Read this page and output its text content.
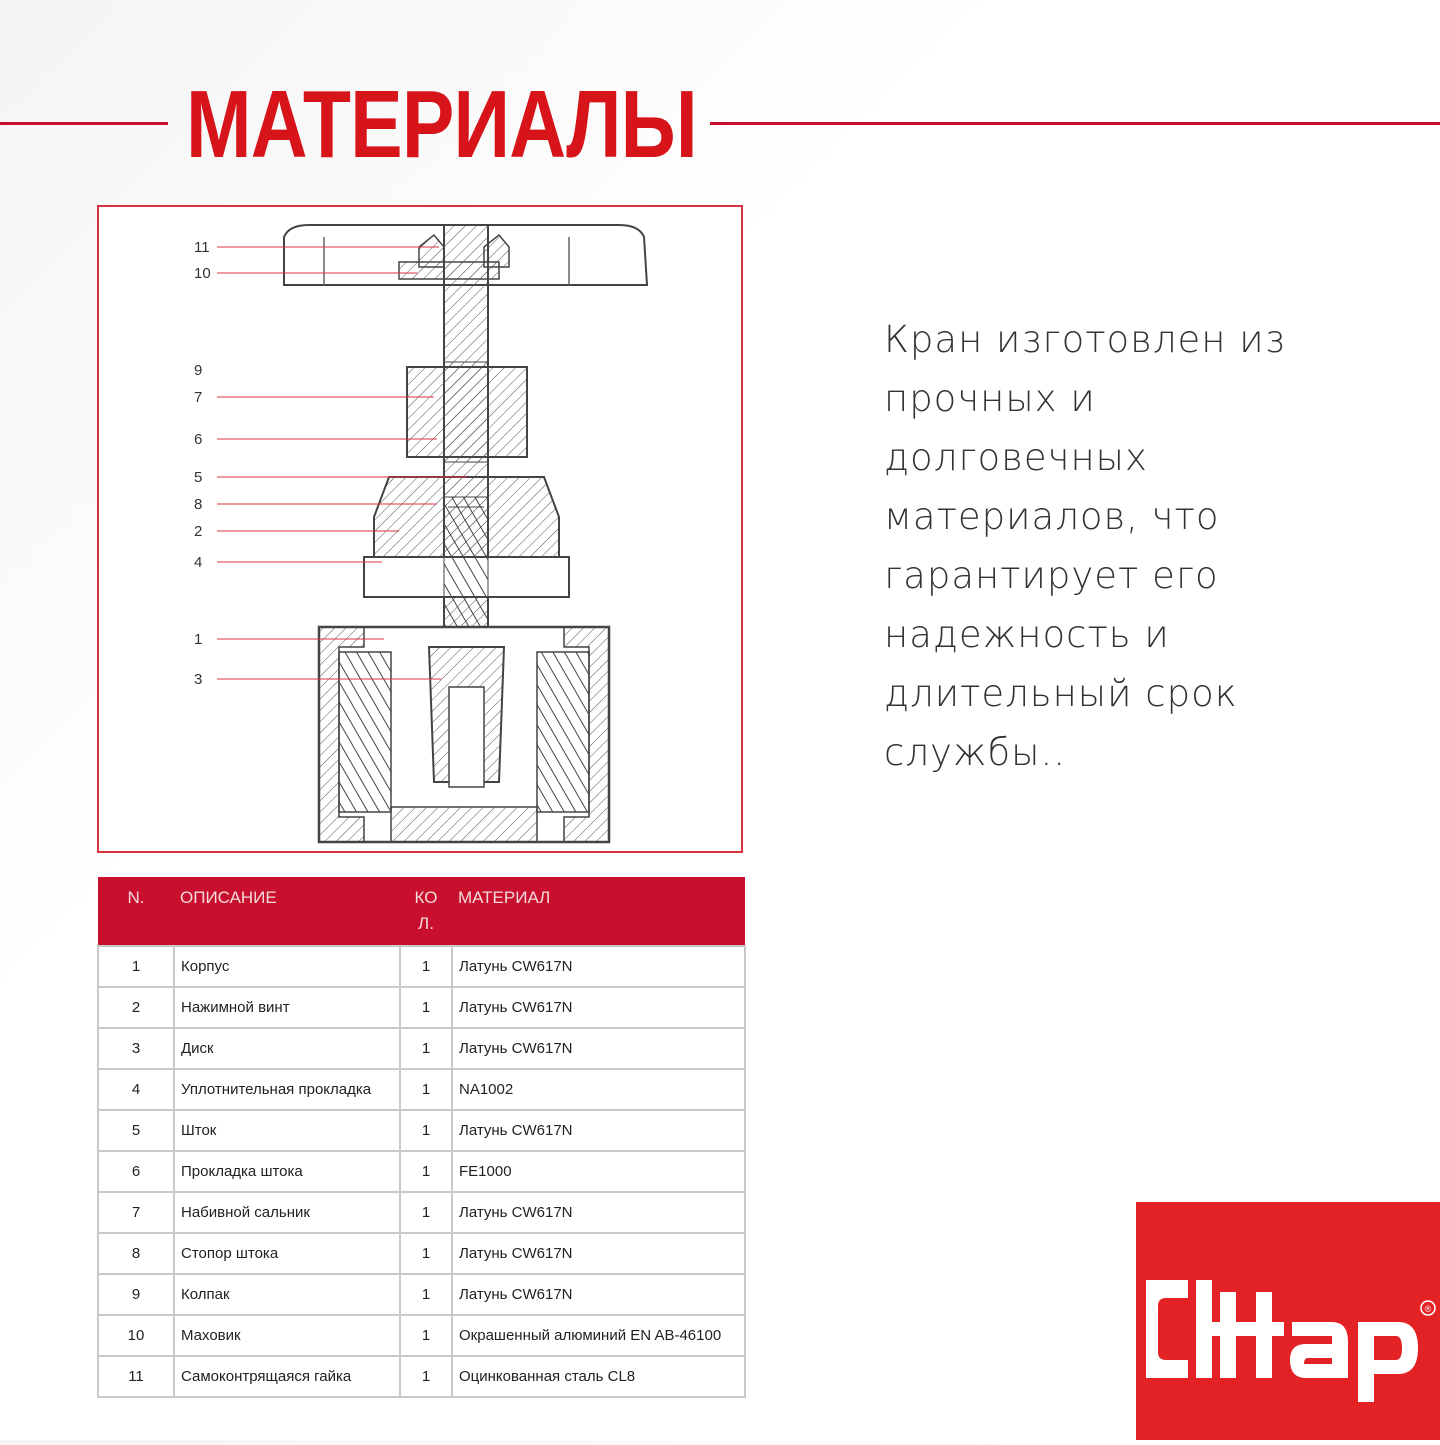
МАТЕРИАЛЫ
11
10
9
7
6
5
8
2
4
1
3
N.	ОПИСАНИЕ	КО Л.	МАТЕРИАЛ
1	Корпус	1	Латунь CW617N
2	Нажимной винт	1	Латунь CW617N
3	Диск	1	Латунь CW617N
4	Уплотнительная прокладка	1	NA1002
5	Шток	1	Латунь CW617N
6	Прокладка штока	1	FE1000
7	Набивной сальник	1	Латунь CW617N
8	Стопор штока	1	Латунь CW617N
9	Колпак	1	Латунь CW617N
10	Маховик	1	Окрашенный алюминий EN AB-46100
11	Самоконтрящаяся гайка	1	Оцинкованная сталь CL8

Кран изготовлен из прочных и долговечных материалов, что гарантирует его надежность и длительный срок службы..

®
